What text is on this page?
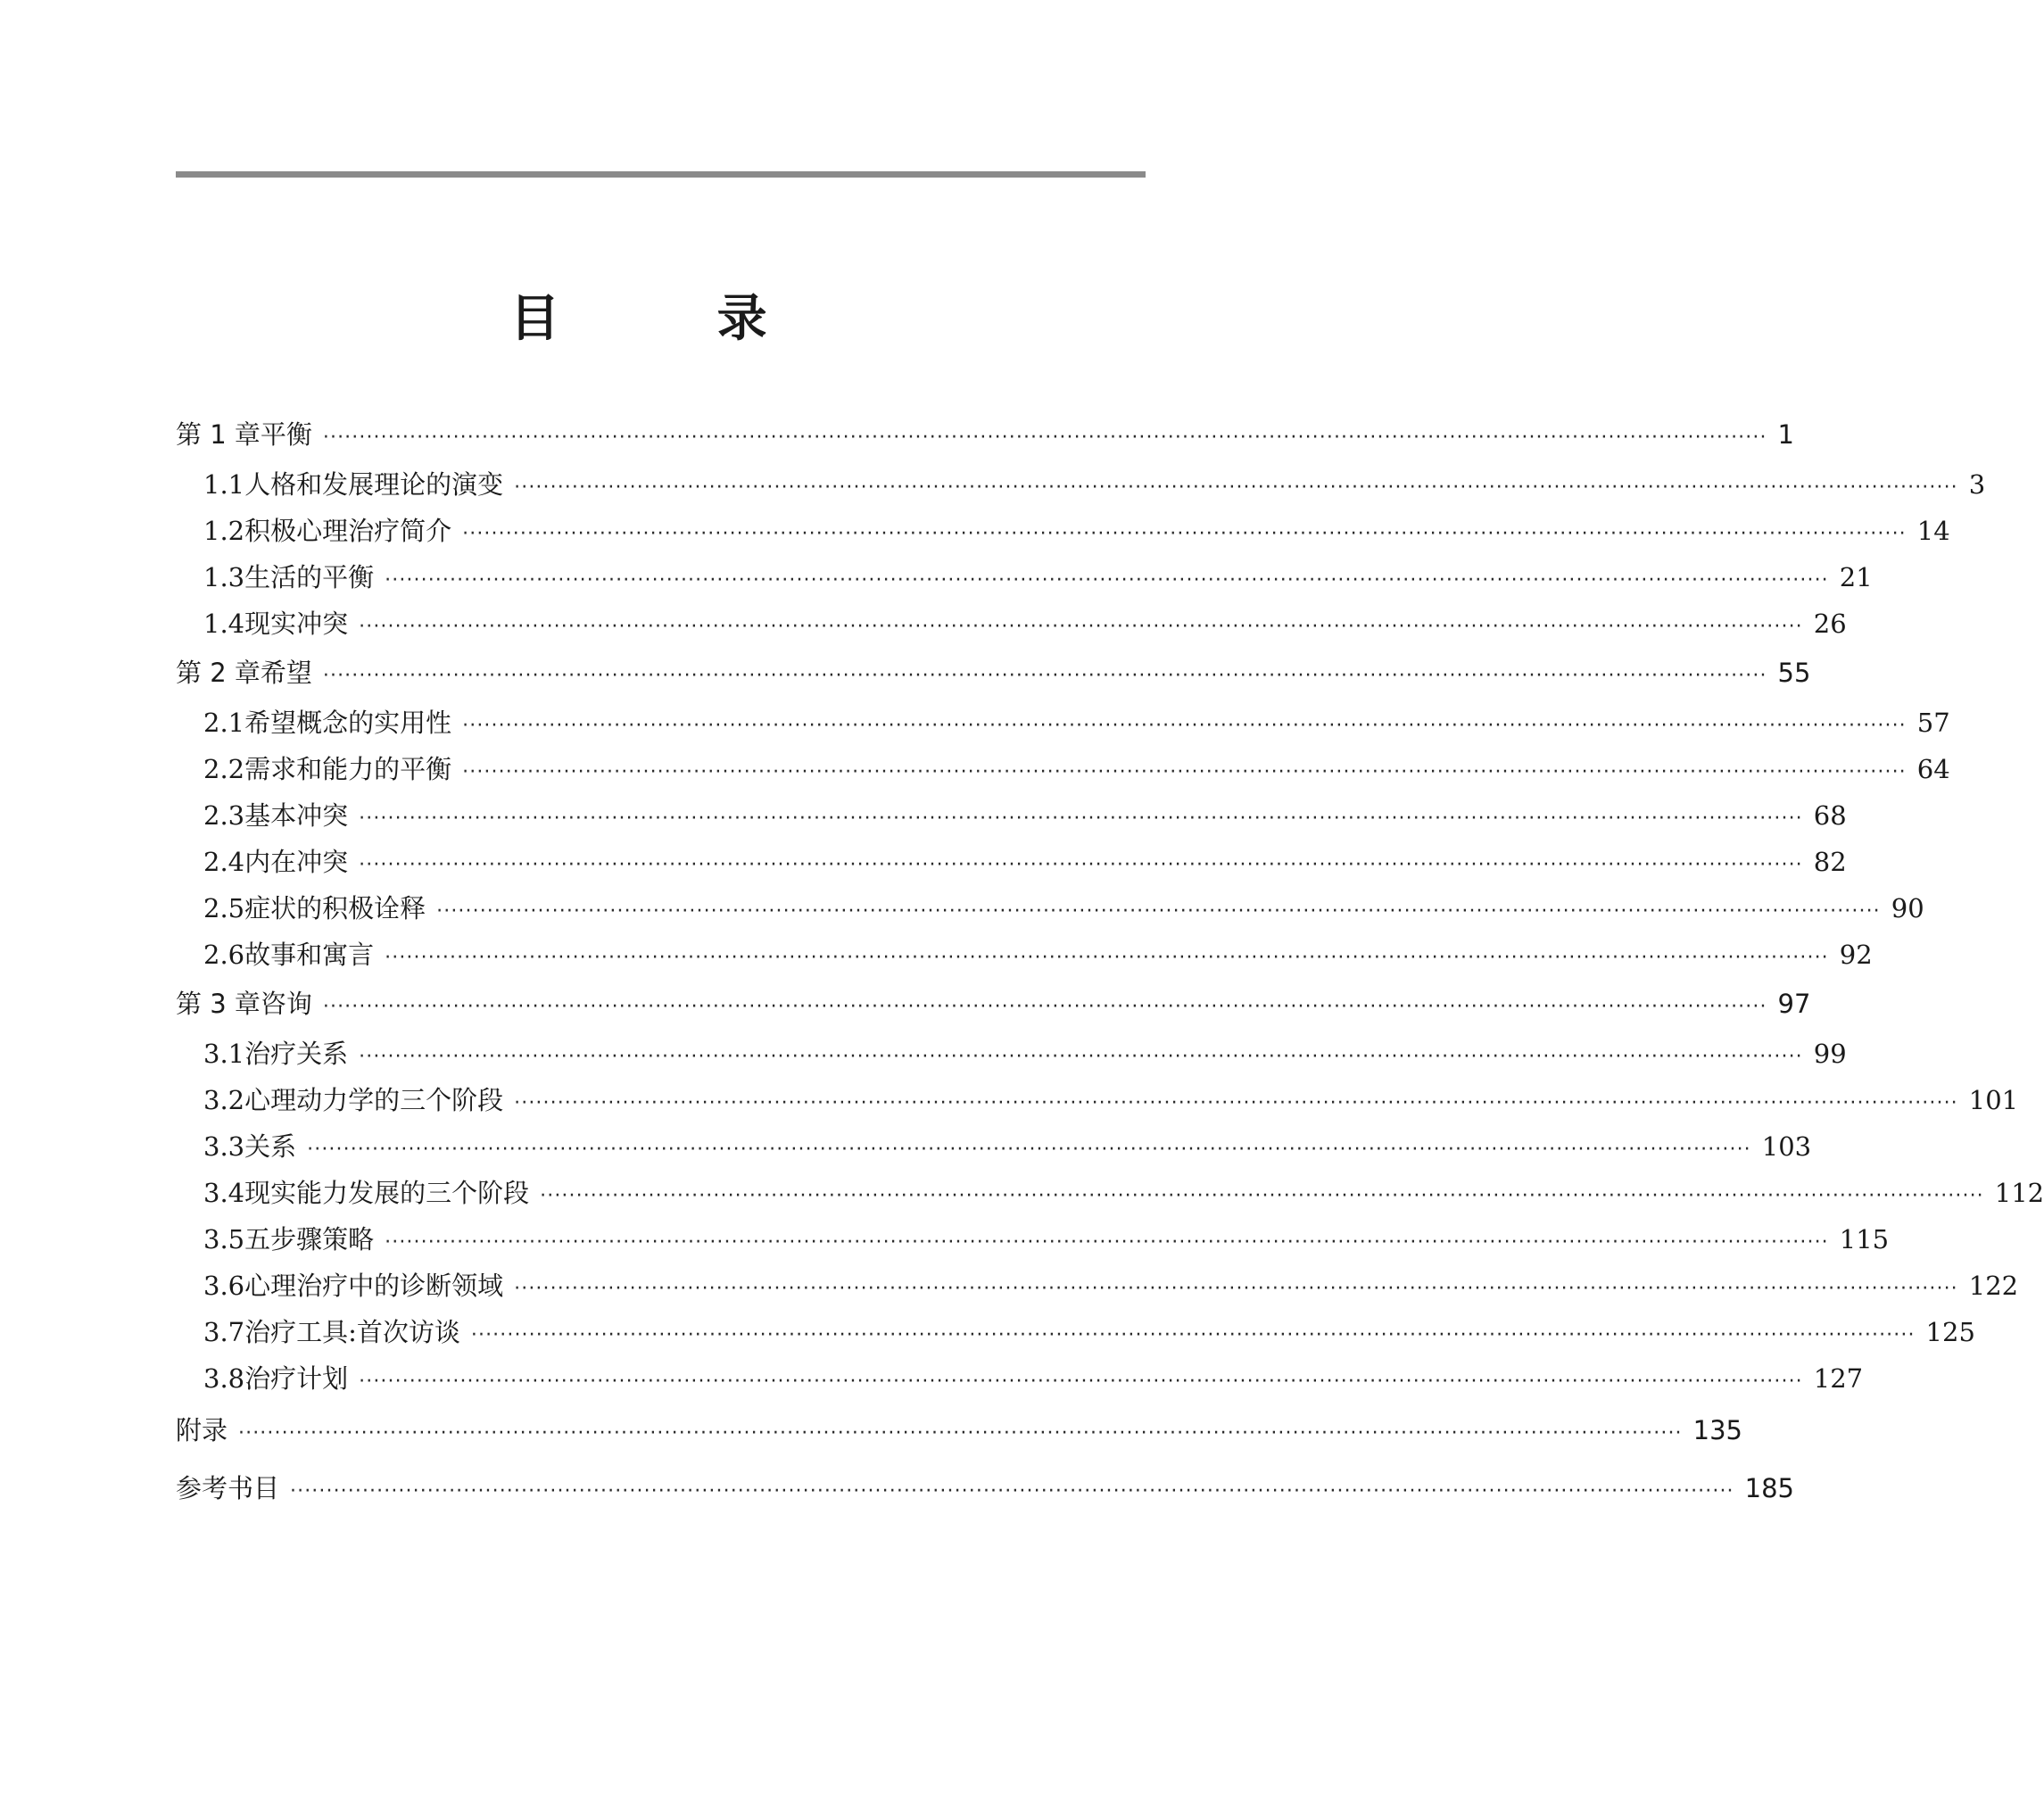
目 录
第 1 章 平衡 ········································································································································································································ 1
1.1 人格和发展理论的演变 ········································································································································································································ 3
1.2 积极心理治疗简介 ········································································································································································································ 14
1.3 生活的平衡 ········································································································································································································ 21
1.4 现实冲突 ········································································································································································································ 26
第 2 章 希望 ········································································································································································································ 55
2.1 希望概念的实用性 ········································································································································································································ 57
2.2 需求和能力的平衡 ········································································································································································································ 64
2.3 基本冲突 ········································································································································································································ 68
2.4 内在冲突 ········································································································································································································ 82
2.5 症状的积极诠释 ········································································································································································································ 90
2.6 故事和寓言 ········································································································································································································ 92
第 3 章 咨询 ········································································································································································································ 97
3.1 治疗关系 ········································································································································································································ 99
3.2 心理动力学的三个阶段 ········································································································································································································ 101
3.3 关系 ········································································································································································································ 103
3.4 现实能力发展的三个阶段 ········································································································································································································ 112
3.5 五步骤策略 ········································································································································································································ 115
3.6 心理治疗中的诊断领域 ········································································································································································································ 122
3.7 治疗工具:首次访谈 ········································································································································································································ 125
3.8 治疗计划 ········································································································································································································ 127
附录 ········································································································································································································ 135
参考书目 ········································································································································································································ 185
